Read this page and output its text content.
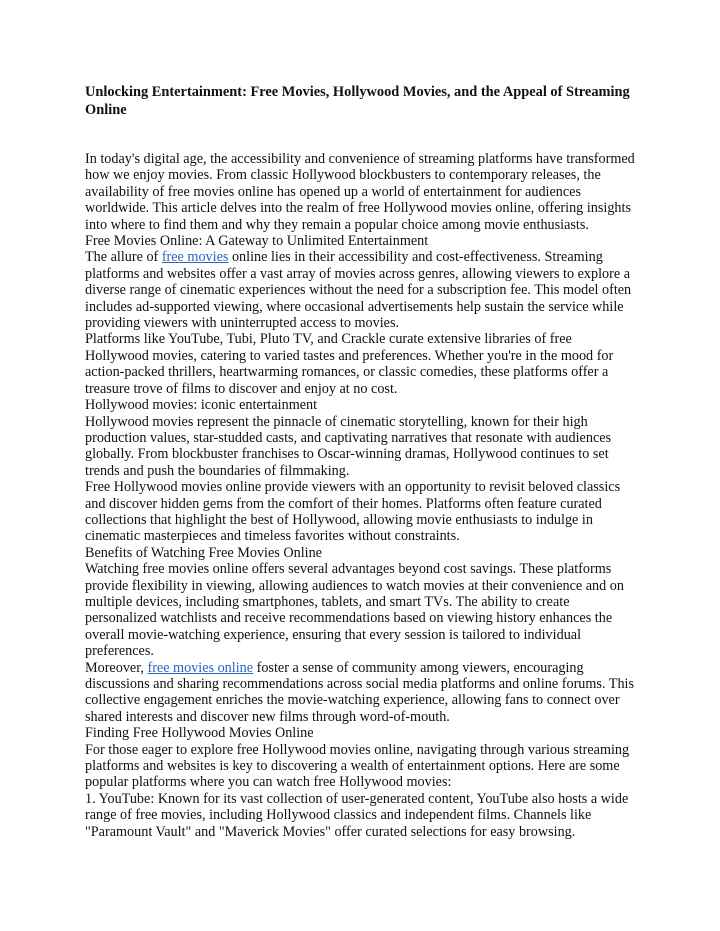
Unlocking Entertainment: Free Movies, Hollywood Movies, and the Appeal of Streaming Online

In today's digital age, the accessibility and convenience of streaming platforms have transformed how we enjoy movies. From classic Hollywood blockbusters to contemporary releases, the availability of free movies online has opened up a world of entertainment for audiences worldwide. This article delves into the realm of free Hollywood movies online, offering insights into where to find them and why they remain a popular choice among movie enthusiasts.

Free Movies Online: A Gateway to Unlimited Entertainment

The allure of free movies online lies in their accessibility and cost-effectiveness. Streaming platforms and websites offer a vast array of movies across genres, allowing viewers to explore a diverse range of cinematic experiences without the need for a subscription fee. This model often includes ad-supported viewing, where occasional advertisements help sustain the service while providing viewers with uninterrupted access to movies.

Platforms like YouTube, Tubi, Pluto TV, and Crackle curate extensive libraries of free Hollywood movies, catering to varied tastes and preferences. Whether you're in the mood for action-packed thrillers, heartwarming romances, or classic comedies, these platforms offer a treasure trove of films to discover and enjoy at no cost.

Hollywood movies: iconic entertainment

Hollywood movies represent the pinnacle of cinematic storytelling, known for their high production values, star-studded casts, and captivating narratives that resonate with audiences globally. From blockbuster franchises to Oscar-winning dramas, Hollywood continues to set trends and push the boundaries of filmmaking.

Free Hollywood movies online provide viewers with an opportunity to revisit beloved classics and discover hidden gems from the comfort of their homes. Platforms often feature curated collections that highlight the best of Hollywood, allowing movie enthusiasts to indulge in cinematic masterpieces and timeless favorites without constraints.

Benefits of Watching Free Movies Online

Watching free movies online offers several advantages beyond cost savings. These platforms provide flexibility in viewing, allowing audiences to watch movies at their convenience and on multiple devices, including smartphones, tablets, and smart TVs. The ability to create personalized watchlists and receive recommendations based on viewing history enhances the overall movie-watching experience, ensuring that every session is tailored to individual preferences.

Moreover, free movies online foster a sense of community among viewers, encouraging discussions and sharing recommendations across social media platforms and online forums. This collective engagement enriches the movie-watching experience, allowing fans to connect over shared interests and discover new films through word-of-mouth.

Finding Free Hollywood Movies Online

For those eager to explore free Hollywood movies online, navigating through various streaming platforms and websites is key to discovering a wealth of entertainment options. Here are some popular platforms where you can watch free Hollywood movies:

1. YouTube: Known for its vast collection of user-generated content, YouTube also hosts a wide range of free movies, including Hollywood classics and independent films. Channels like "Paramount Vault" and "Maverick Movies" offer curated selections for easy browsing.
